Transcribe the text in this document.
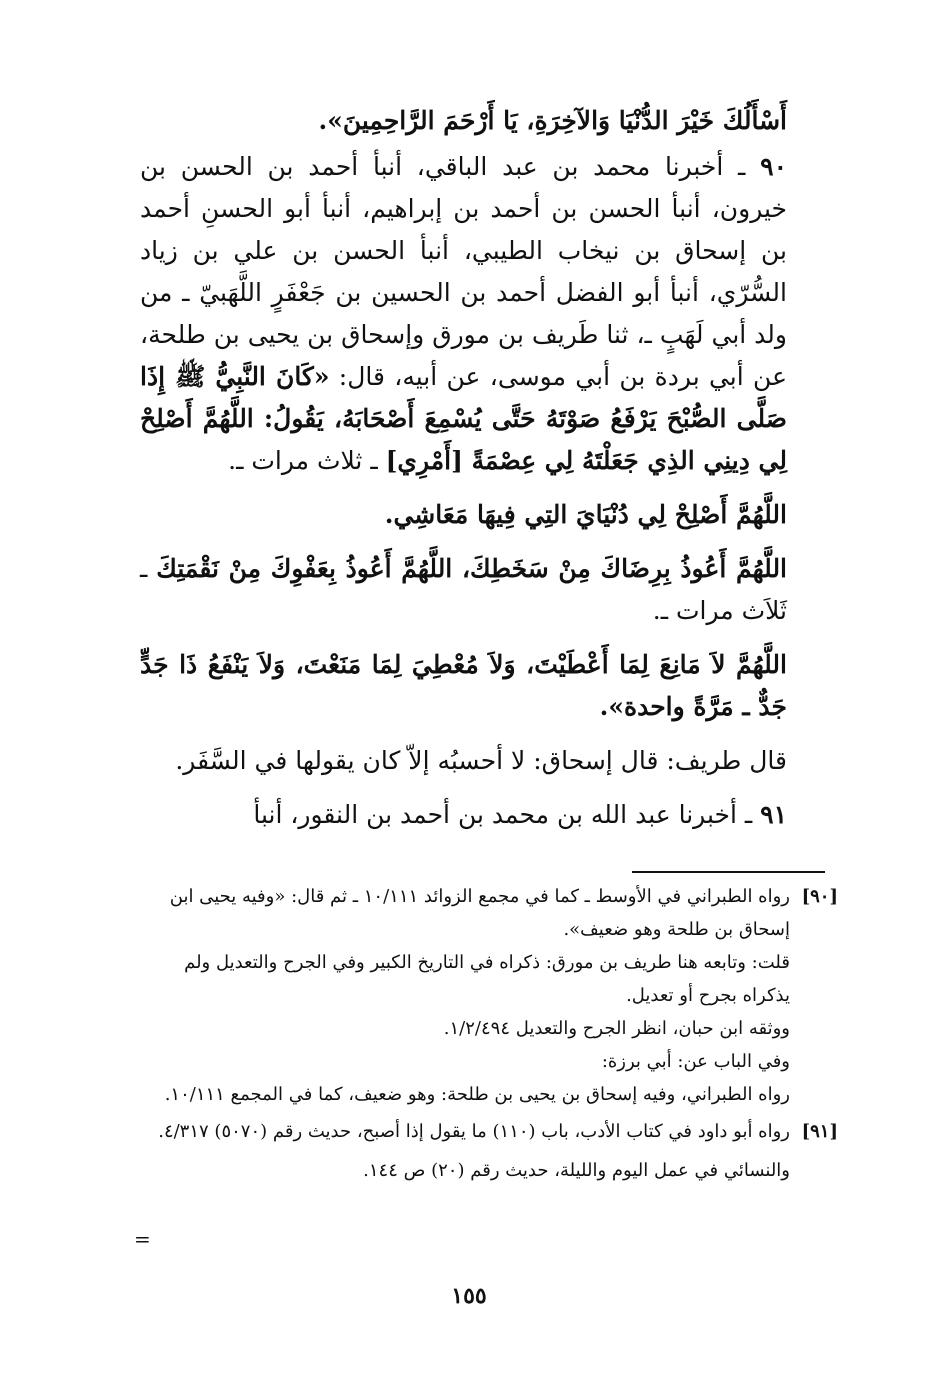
أَسْأَلُكَ خَيْرَ الدُّنْيَا وَالآخِرَةِ، يَا أَرْحَمَ الرَّاحِمِينَ».

٩٠ ـ أخبرنا محمد بن عبد الباقي، أنبأ أحمد بن الحسن بن خيرون، أنبأ الحسن بن أحمد بن إبراهيم، أنبأ أبو الحسنِ أحمد بن إسحاق بن نيخاب الطيبي، أنبأ الحسن بن علي بن زياد السُّرّي، أنبأ أبو الفضل أحمد بن الحسين بن جَعْفَرٍ اللَّهَبيّ ـ من ولد أبي لَهَبٍ ـ، ثنا طَريف بن مورق وإسحاق بن يحيى بن طلحة، عن أبي بردة بن أبي موسى، عن أبيه، قال: «كَانَ النَّبِيُّ ﷺ إِذَا صَلَّى الصُّبْحَ يَرْفَعُ صَوْتَهُ حَتَّى يُسْمِعَ أَصْحَابَهُ، يَقُولُ: اللَّهُمَّ أَصْلِحْ لِي دِينِي الذِي جَعَلْتَهُ لِي عِصْمَةً [أَمْرِي] ـ ثلاث مرات ـ.

اللَّهُمَّ أَصْلِحْ لِي دُنْيَايَ التِي فِيهَا مَعَاشِي.

اللَّهُمَّ أَعُوذُ بِرِضَاكَ مِنْ سَخَطِكَ، اللَّهُمَّ أَعُوذُ بِعَفْوِكَ مِنْ نَقْمَتِكَ ـ ثَلاَث مرات ـ.

اللَّهُمَّ لاَ مَانِعَ لِمَا أَعْطَيْتَ، وَلاَ مُعْطِيَ لِمَا مَنَعْتَ، وَلاَ يَنْفَعُ ذَا جَدٍّ جَدٌّ ـ مَرَّةً واحدة».

قال طريف: قال إسحاق: لا أحسبُه إلاّ كان يقولها في السَّفَر.

٩١ ـ أخبرنا عبد الله بن محمد بن أحمد بن النقور، أنبأ

[٩٠]
رواه الطبراني في الأوسط ـ كما في مجمع الزوائد ١٠/١١١ ـ ثم قال: «وفيه يحيى ابن إسحاق بن طلحة وهو ضعيف».
قلت: وتابعه هنا طريف بن مورق: ذكراه في التاريخ الكبير وفي الجرح والتعديل ولم يذكراه بجرح أو تعديل.
ووثقه ابن حبان، انظر الجرح والتعديل ١/٢/٤٩٤.
وفي الباب عن: أبي برزة:
رواه الطبراني، وفيه إسحاق بن يحيى بن طلحة: وهو ضعيف، كما في المجمع ١٠/١١١.
[٩١]
رواه أبو داود في كتاب الأدب، باب (١١٠) ما يقول إذا أصبح، حديث رقم (٥٠٧٠) ٤/٣١٧.
والنسائي في عمل اليوم والليلة، حديث رقم (٢٠) ص ١٤٤.
=
١٥٥
